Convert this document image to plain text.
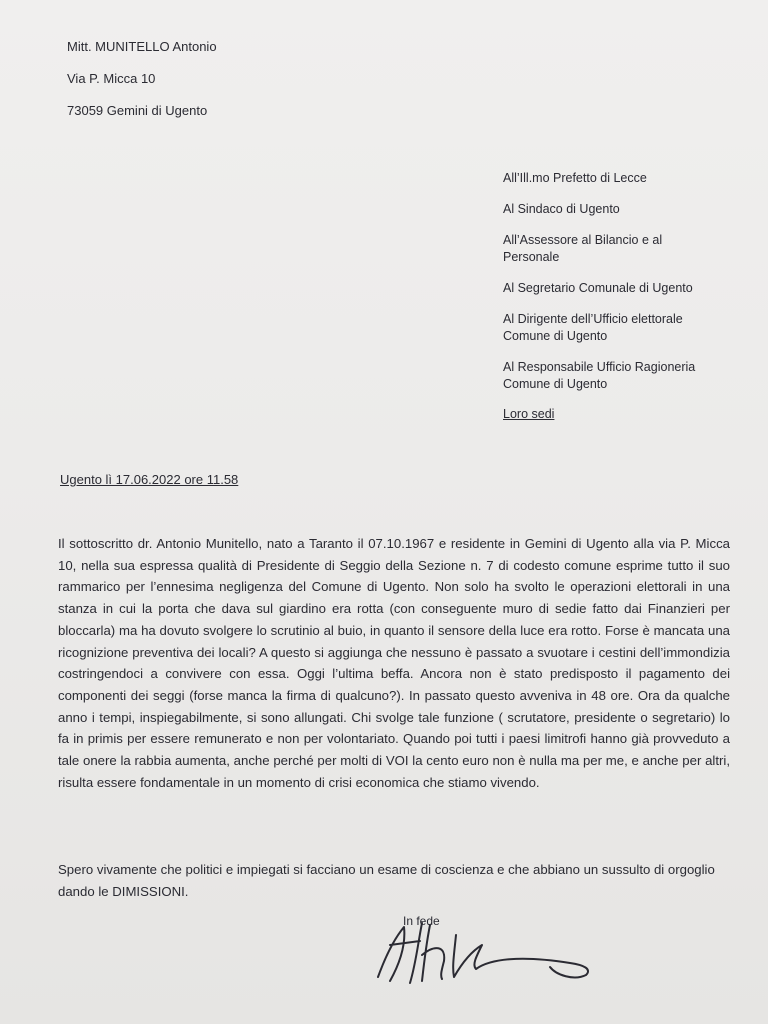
Mitt. MUNITELLO Antonio
Via P. Micca 10
73059 Gemini di Ugento
All’Ill.mo Prefetto di Lecce
Al Sindaco di Ugento
All’Assessore al Bilancio e al
Personale
Al Segretario Comunale di Ugento
Al Dirigente dell’Ufficio elettorale
Comune di Ugento
Al Responsabile Ufficio Ragioneria
Comune di Ugento
Loro sedi
Ugento lì 17.06.2022 ore 11.58
Il sottoscritto dr. Antonio Munitello, nato a Taranto il 07.10.1967 e residente in Gemini di Ugento alla via P. Micca 10, nella sua espressa qualità di Presidente di Seggio della Sezione n. 7 di codesto comune esprime tutto il suo rammarico per l’ennesima negligenza del Comune di Ugento. Non solo ha svolto le operazioni elettorali in una stanza in cui la porta che dava sul giardino era rotta (con conseguente muro di sedie fatto dai Finanzieri per bloccarla) ma ha dovuto svolgere lo scrutinio al buio, in quanto il sensore della luce era rotto. Forse è mancata una ricognizione preventiva dei locali? A questo si aggiunga che nessuno è passato a svuotare i cestini dell’immondizia costringendoci a convivere con essa. Oggi l’ultima beffa. Ancora non è stato predisposto il pagamento dei componenti dei seggi (forse manca la firma di qualcuno?). In passato questo avveniva in 48 ore. Ora da qualche anno i tempi, inspiegabilmente, si sono allungati. Chi svolge tale funzione ( scrutatore, presidente o segretario) lo fa in primis per essere remunerato e non per volontariato. Quando poi tutti i paesi limitrofi hanno già provveduto a tale onere la rabbia aumenta, anche perché per molti di VOI la cento euro non è nulla ma per me, e anche per altri, risulta essere fondamentale in un momento di crisi economica che stiamo vivendo.
Spero vivamente che politici e impiegati si facciano un esame di coscienza e che abbiano un sussulto di orgoglio dando le DIMISSIONI.
In fede
